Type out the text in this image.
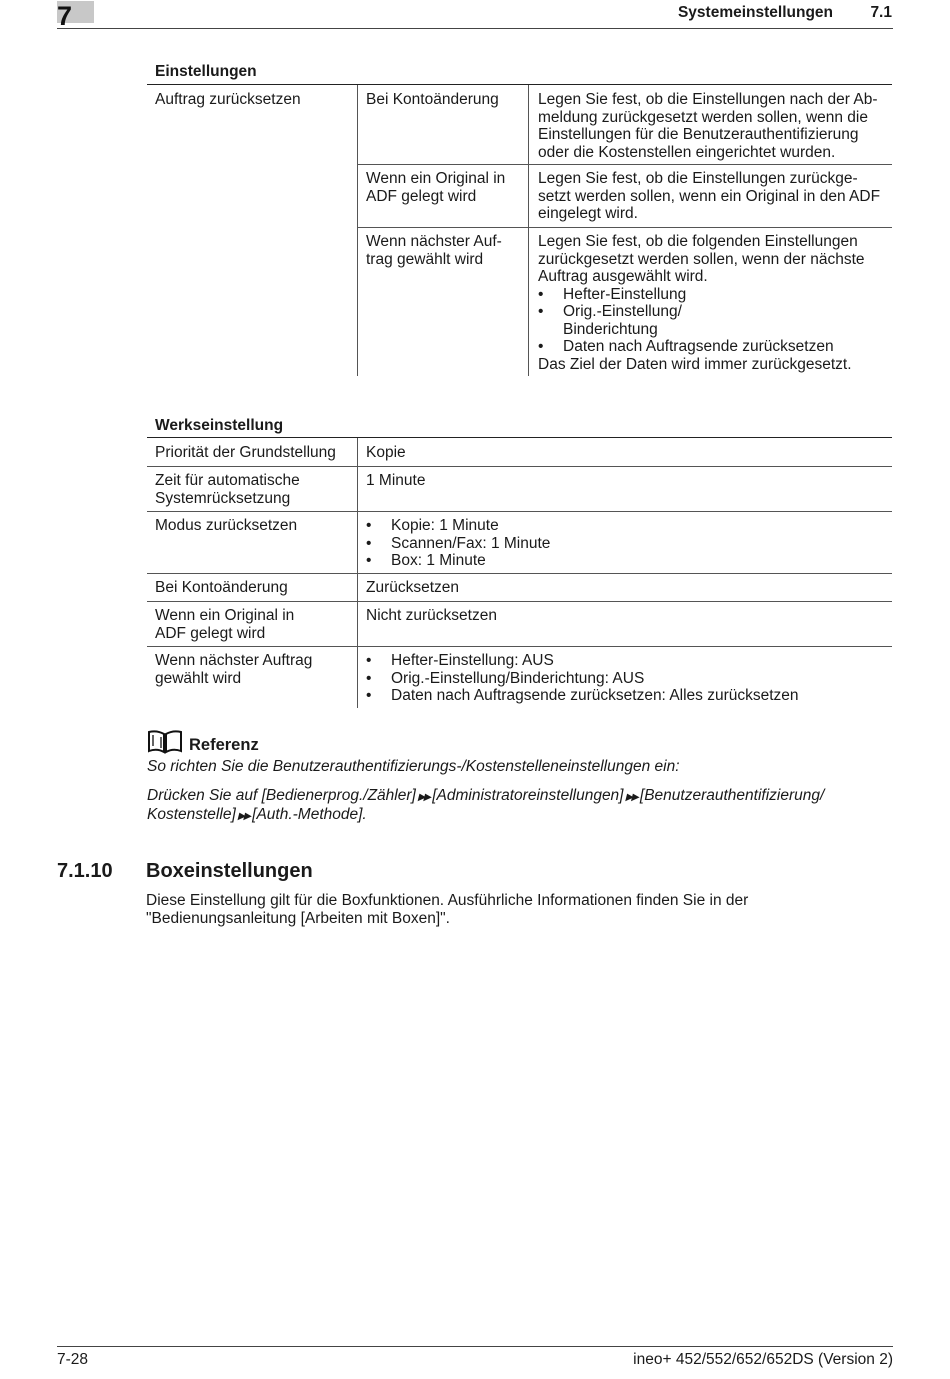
7	Systemeinstellungen	7.1
Einstellungen
Auftrag zurücksetzen	Bei Kontoänderung	Legen Sie fest, ob die Einstellungen nach der Ab-
meldung zurückgesetzt werden sollen, wenn die
Einstellungen für die Benutzerauthentifizierung
oder die Kostenstellen eingerichtet wurden.
Wenn ein Original in
ADF gelegt wird
Legen Sie fest, ob die Einstellungen zurückge-
setzt werden sollen, wenn ein Original in den ADF
eingelegt wird.
Wenn nächster Auf-
trag gewählt wird
Legen Sie fest, ob die folgenden Einstellungen
zurückgesetzt werden sollen, wenn der nächste
Auftrag ausgewählt wird.
• Hefter-Einstellung
• Orig.-Einstellung/
Binderichtung
• Daten nach Auftragsende zurücksetzen
Das Ziel der Daten wird immer zurückgesetzt.
Werkseinstellung
Priorität der Grundstellung Kopie
Zeit für automatische
Systemrücksetzung
1 Minute
Modus zurücksetzen
•	Kopie: 1 Minute
• Scannen/Fax: 1 Minute
• Box: 1 Minute
Bei Kontoänderung	Zurücksetzen
Wenn ein Original in
ADF gelegt wird
Nicht zurücksetzen
Wenn nächster Auftrag
gewählt wird
• Hefter-Einstellung: AUS
• Orig.-Einstellung/Binderichtung: AUS
• Daten nach Auftragsende zurücksetzen: Alles zurücksetzen
Referenz
So richten Sie die Benutzerauthentifizierungs-/Kostenstelleneinstellungen ein:
Drücken Sie auf [Bedienerprog./Zähler] ▶▶ [Administratoreinstellungen] ▶▶ [Benutzerauthentifizierung/
Kostenstelle] ▶▶ [Auth.-Methode].
7.1.10 Boxeinstellungen
Diese Einstellung gilt für die Boxfunktionen. Ausführliche Informationen finden Sie in der
"Bedienungsanleitung [Arbeiten mit Boxen]".
7-28	ineo+ 452/552/652/652DS (Version 2)
